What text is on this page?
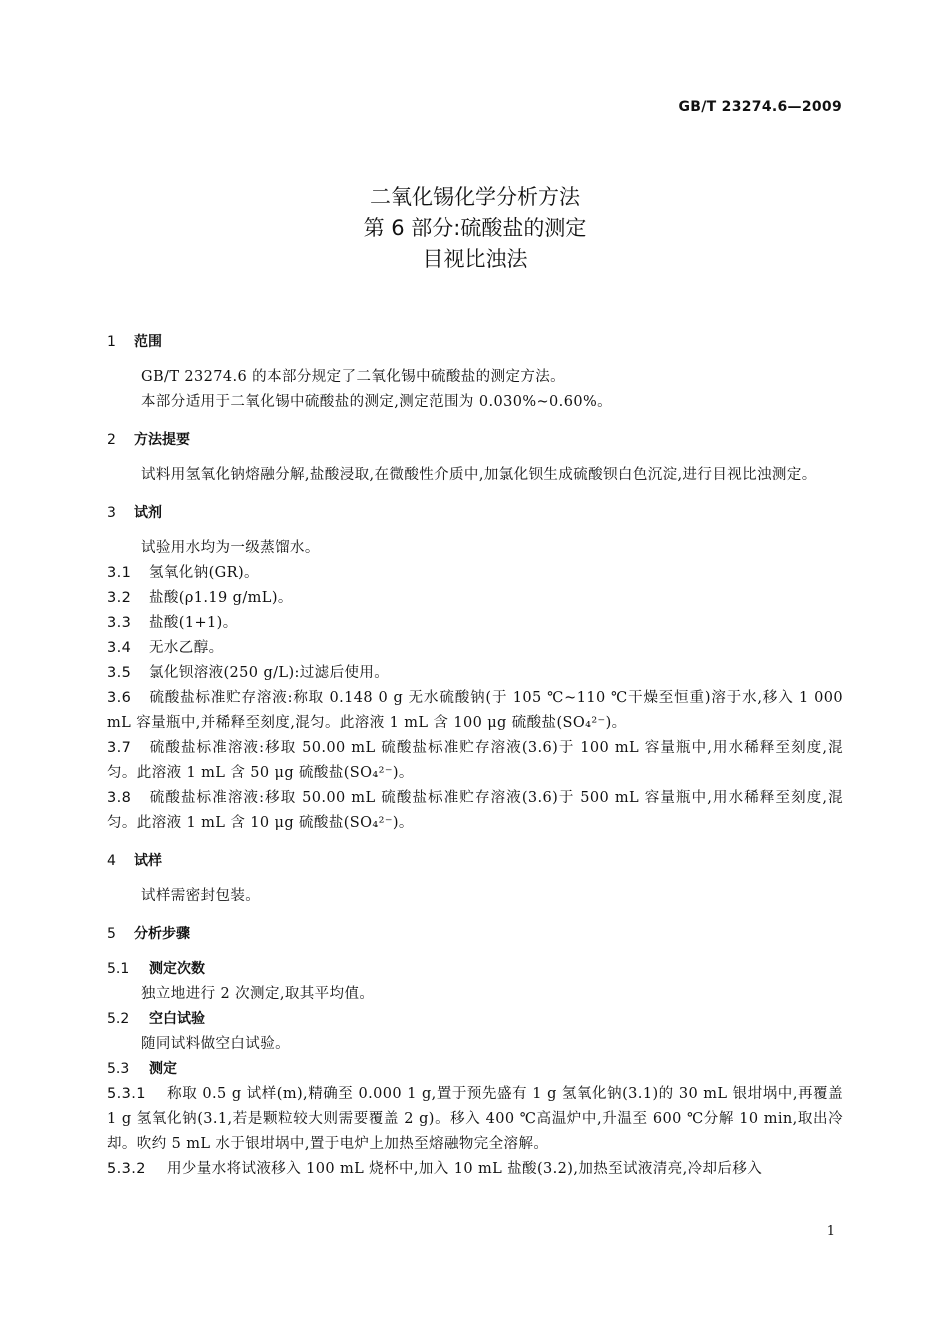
GB/T 23274.6—2009
二氧化锡化学分析方法
第 6 部分:硫酸盐的测定
目视比浊法
1 范围
GB/T 23274.6 的本部分规定了二氧化锡中硫酸盐的测定方法。
本部分适用于二氧化锡中硫酸盐的测定,测定范围为 0.030%~0.60%。
2 方法提要
试料用氢氧化钠熔融分解,盐酸浸取,在微酸性介质中,加氯化钡生成硫酸钡白色沉淀,进行目视比浊测定。
3 试剂
试验用水均为一级蒸馏水。
3.1 氢氧化钠(GR)。
3.2 盐酸(ρ1.19 g/mL)。
3.3 盐酸(1+1)。
3.4 无水乙醇。
3.5 氯化钡溶液(250 g/L):过滤后使用。
3.6 硫酸盐标准贮存溶液:称取 0.148 0 g 无水硫酸钠(于 105 ℃~110 ℃干燥至恒重)溶于水,移入 1 000 mL 容量瓶中,并稀释至刻度,混匀。此溶液 1 mL 含 100 μg 硫酸盐(SO₄²⁻)。
3.7 硫酸盐标准溶液:移取 50.00 mL 硫酸盐标准贮存溶液(3.6)于 100 mL 容量瓶中,用水稀释至刻度,混匀。此溶液 1 mL 含 50 μg 硫酸盐(SO₄²⁻)。
3.8 硫酸盐标准溶液:移取 50.00 mL 硫酸盐标准贮存溶液(3.6)于 500 mL 容量瓶中,用水稀释至刻度,混匀。此溶液 1 mL 含 10 μg 硫酸盐(SO₄²⁻)。
4 试样
试样需密封包装。
5 分析步骤
5.1 测定次数
独立地进行 2 次测定,取其平均值。
5.2 空白试验
随同试料做空白试验。
5.3 测定
5.3.1 称取 0.5 g 试样(m),精确至 0.000 1 g,置于预先盛有 1 g 氢氧化钠(3.1)的 30 mL 银坩埚中,再覆盖 1 g 氢氧化钠(3.1,若是颗粒较大则需要覆盖 2 g)。移入 400 ℃高温炉中,升温至 600 ℃分解 10 min,取出冷却。吹约 5 mL 水于银坩埚中,置于电炉上加热至熔融物完全溶解。
5.3.2 用少量水将试液移入 100 mL 烧杯中,加入 10 mL 盐酸(3.2),加热至试液清亮,冷却后移入
1
